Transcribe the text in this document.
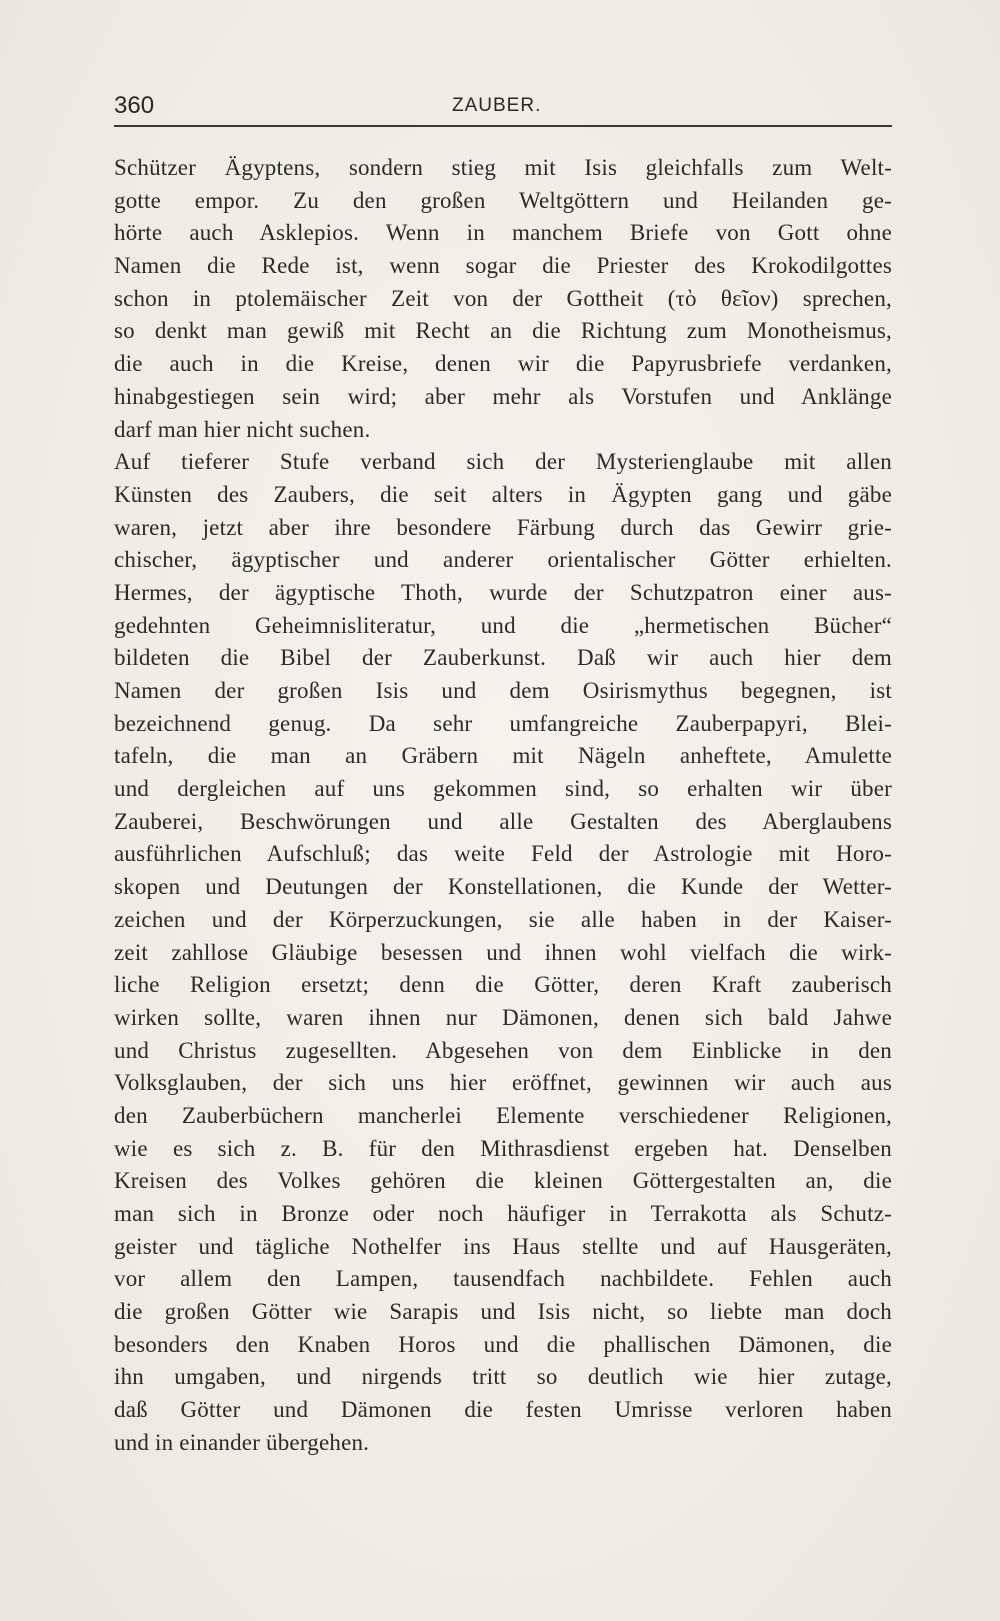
360	ZAUBER.
Schützer Ägyptens, sondern stieg mit Isis gleichfalls zum Welt-
gotte empor. Zu den großen Weltgöttern und Heilanden ge-
hörte auch Asklepios. Wenn in manchem Briefe von Gott ohne
Namen die Rede ist, wenn sogar die Priester des Krokodilgottes
schon in ptolemäischer Zeit von der Gottheit (τὸ θεῖον) sprechen,
so denkt man gewiß mit Recht an die Richtung zum Monotheismus,
die auch in die Kreise, denen wir die Papyrusbriefe verdanken,
hinabgestiegen sein wird; aber mehr als Vorstufen und Anklänge
darf man hier nicht suchen.
Auf tieferer Stufe verband sich der Mysterienglaube mit allen
Künsten des Zaubers, die seit alters in Ägypten gang und gäbe
waren, jetzt aber ihre besondere Färbung durch das Gewirr grie-
chischer, ägyptischer und anderer orientalischer Götter erhielten.
Hermes, der ägyptische Thoth, wurde der Schutzpatron einer aus-
gedehnten Geheimnisliteratur, und die „hermetischen Bücher“
bildeten die Bibel der Zauberkunst. Daß wir auch hier dem
Namen der großen Isis und dem Osirismythus begegnen, ist
bezeichnend genug. Da sehr umfangreiche Zauberpapyri, Blei-
tafeln, die man an Gräbern mit Nägeln anheftete, Amulette
und dergleichen auf uns gekommen sind, so erhalten wir über
Zauberei, Beschwörungen und alle Gestalten des Aberglaubens
ausführlichen Aufschluß; das weite Feld der Astrologie mit Horo-
skopen und Deutungen der Konstellationen, die Kunde der Wetter-
zeichen und der Körperzuckungen, sie alle haben in der Kaiser-
zeit zahllose Gläubige besessen und ihnen wohl vielfach die wirk-
liche Religion ersetzt; denn die Götter, deren Kraft zauberisch
wirken sollte, waren ihnen nur Dämonen, denen sich bald Jahwe
und Christus zugesellten. Abgesehen von dem Einblicke in den
Volksglauben, der sich uns hier eröffnet, gewinnen wir auch aus
den Zauberbüchern mancherlei Elemente verschiedener Religionen,
wie es sich z. B. für den Mithrasdienst ergeben hat. Denselben
Kreisen des Volkes gehören die kleinen Göttergestalten an, die
man sich in Bronze oder noch häufiger in Terrakotta als Schutz-
geister und tägliche Nothelfer ins Haus stellte und auf Hausgeräten,
vor allem den Lampen, tausendfach nachbildete. Fehlen auch
die großen Götter wie Sarapis und Isis nicht, so liebte man doch
besonders den Knaben Horos und die phallischen Dämonen, die
ihn umgaben, und nirgends tritt so deutlich wie hier zutage,
daß Götter und Dämonen die festen Umrisse verloren haben
und in einander übergehen.
